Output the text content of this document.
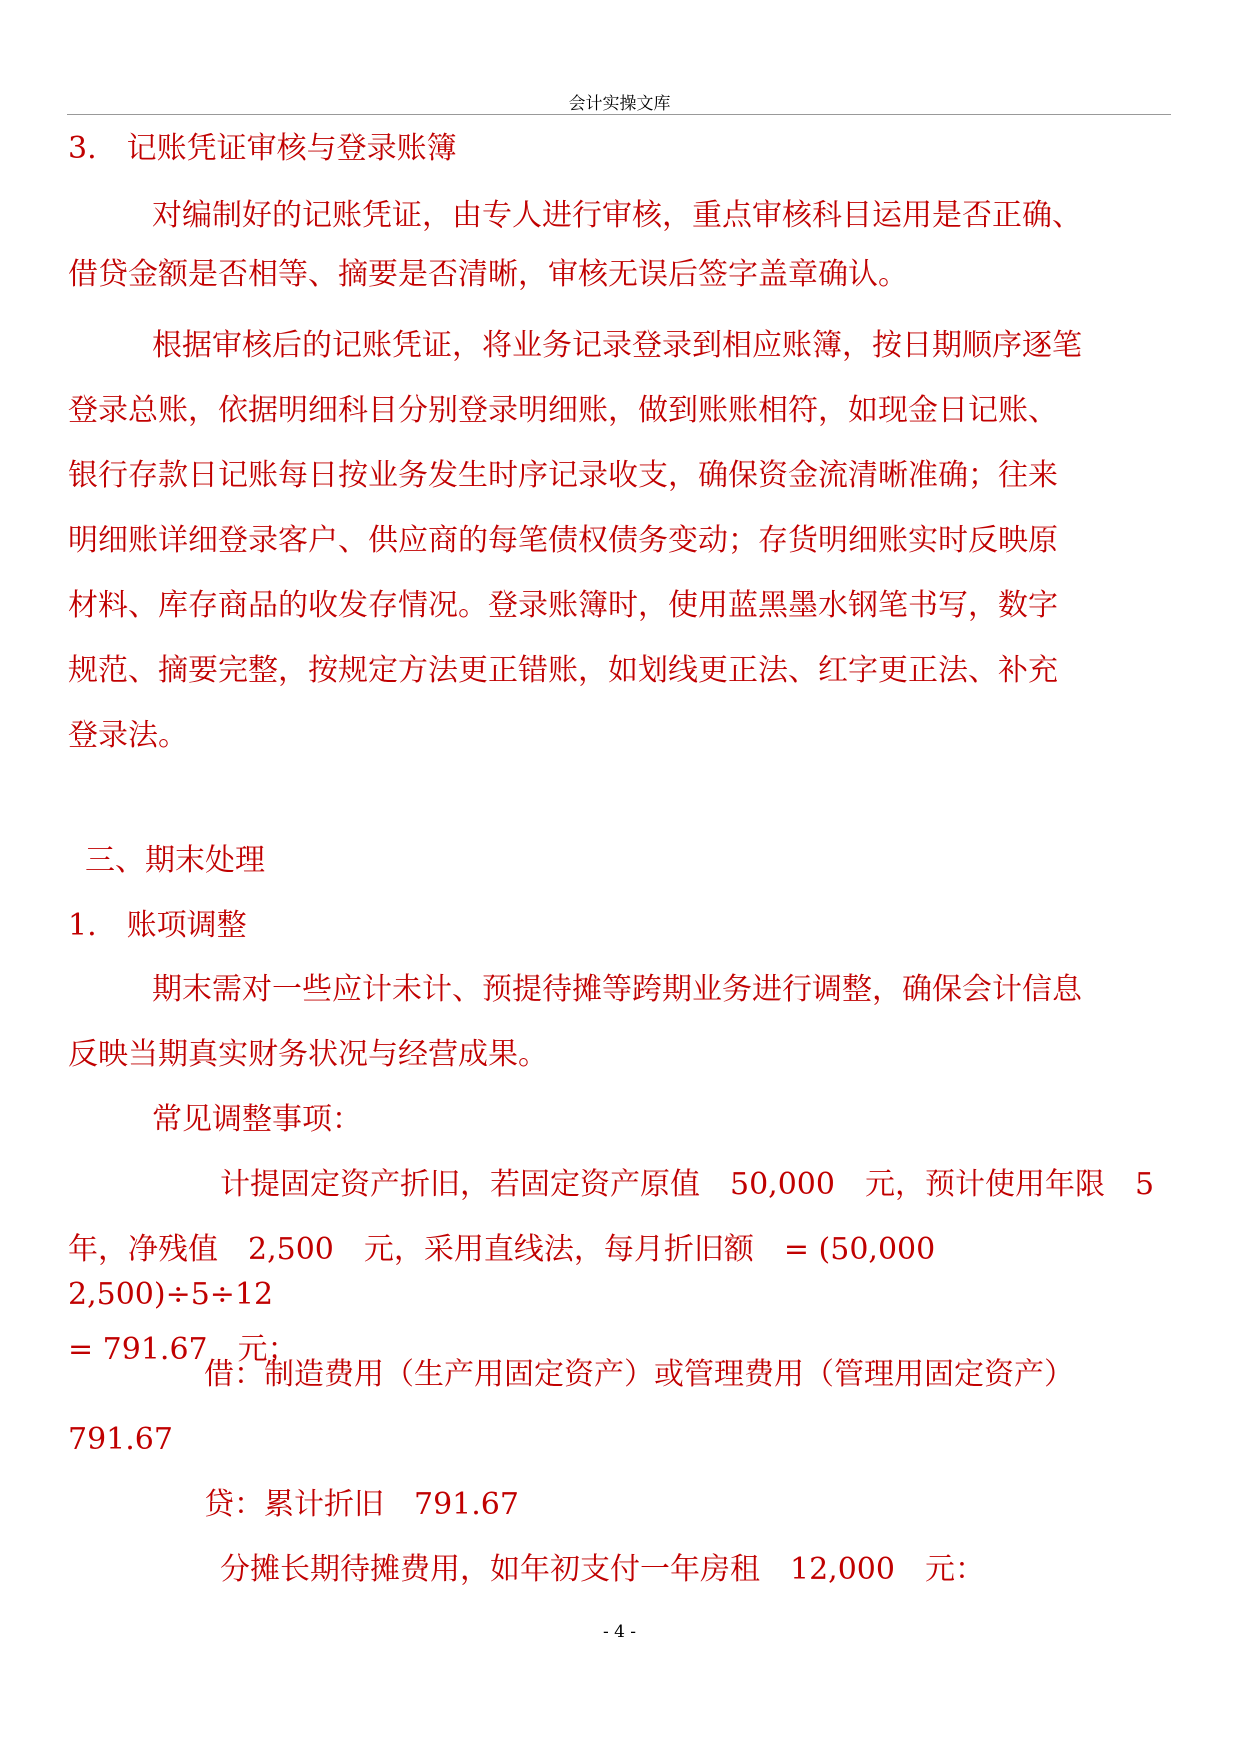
会计实操文库
3.　记账凭证审核与登录账簿
对编制好的记账凭证，由专人进行审核，重点审核科目运用是否正确、
借贷金额是否相等、摘要是否清晰，审核无误后签字盖章确认。
根据审核后的记账凭证，将业务记录登录到相应账簿，按日期顺序逐笔
登录总账，依据明细科目分别登录明细账，做到账账相符，如现金日记账、
银行存款日记账每日按业务发生时序记录收支，确保资金流清晰准确；往来
明细账详细登录客户、供应商的每笔债权债务变动；存货明细账实时反映原
材料、库存商品的收发存情况。登录账簿时，使用蓝黑墨水钢笔书写，数字
规范、摘要完整，按规定方法更正错账，如划线更正法、红字更正法、补充
登录法。
三、期末处理
1.　账项调整
期末需对一些应计未计、预提待摊等跨期业务进行调整，确保会计信息
反映当期真实财务状况与经营成果。
常见调整事项：
计提固定资产折旧，若固定资产原值　50,000　元，预计使用年限　5
年，净残值　2,500　元，采用直线法，每月折旧额　= (50,000
2,500)÷5÷12
= 791.67　元；
借：制造费用（生产用固定资产）或管理费用（管理用固定资产）
791.67
贷：累计折旧　791.67
分摊长期待摊费用，如年初支付一年房租　12,000　元：
- 4 -
